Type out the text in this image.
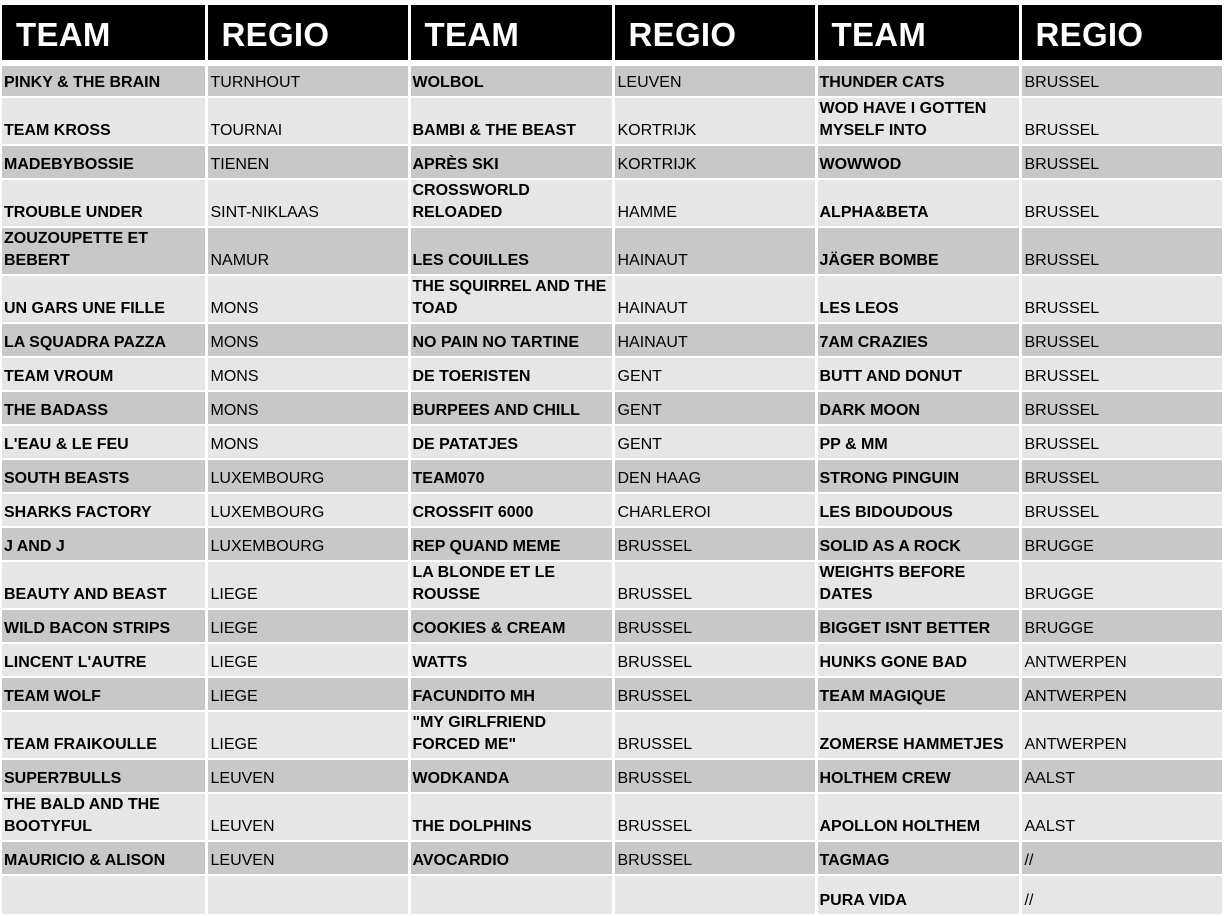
TEAM	REGIO	TEAM	REGIO	TEAM	REGIO
PINKY & THE BRAIN	TURNHOUT	WOLBOL	LEUVEN	THUNDER CATS	BRUSSEL
TEAM KROSS	TOURNAI	BAMBI & THE BEAST	KORTRIJK	WOD HAVE I GOTTEN MYSELF INTO	BRUSSEL
MADEBYBOSSIE	TIENEN	APRÈS SKI	KORTRIJK	WOWWOD	BRUSSEL
TROUBLE UNDER	SINT-NIKLAAS	CROSSWORLD RELOADED	HAMME	ALPHA&BETA	BRUSSEL
ZOUZOUPETTE ET BEBERT	NAMUR	LES COUILLES	HAINAUT	JÄGER BOMBE	BRUSSEL
UN GARS UNE FILLE	MONS	THE SQUIRREL AND THE TOAD	HAINAUT	LES LEOS	BRUSSEL
LA SQUADRA PAZZA	MONS	NO PAIN NO TARTINE	HAINAUT	7AM CRAZIES	BRUSSEL
TEAM VROUM	MONS	DE TOERISTEN	GENT	BUTT AND DONUT	BRUSSEL
THE BADASS	MONS	BURPEES AND CHILL	GENT	DARK MOON	BRUSSEL
L'EAU & LE FEU	MONS	DE PATATJES	GENT	PP & MM	BRUSSEL
SOUTH BEASTS	LUXEMBOURG	TEAM070	DEN HAAG	STRONG PINGUIN	BRUSSEL
SHARKS FACTORY	LUXEMBOURG	CROSSFIT 6000	CHARLEROI	LES BIDOUDOUS	BRUSSEL
J AND J	LUXEMBOURG	REP QUAND MEME	BRUSSEL	SOLID AS A ROCK	BRUGGE
BEAUTY AND BEAST	LIEGE	LA BLONDE ET LE ROUSSE	BRUSSEL	WEIGHTS BEFORE DATES	BRUGGE
WILD BACON STRIPS	LIEGE	COOKIES & CREAM	BRUSSEL	BIGGET ISNT BETTER	BRUGGE
LINCENT L'AUTRE	LIEGE	WATTS	BRUSSEL	HUNKS GONE BAD	ANTWERPEN
TEAM WOLF	LIEGE	FACUNDITO MH	BRUSSEL	TEAM MAGIQUE	ANTWERPEN
TEAM FRAIKOULLE	LIEGE	"MY GIRLFRIEND FORCED ME"	BRUSSEL	ZOMERSE HAMMETJES	ANTWERPEN
SUPER7BULLS	LEUVEN	WODKANDA	BRUSSEL	HOLTHEM CREW	AALST
THE BALD AND THE BOOTYFUL	LEUVEN	THE DOLPHINS	BRUSSEL	APOLLON HOLTHEM	AALST
MAURICIO & ALISON	LEUVEN	AVOCARDIO	BRUSSEL	TAGMAG	//
				PURA VIDA	//
